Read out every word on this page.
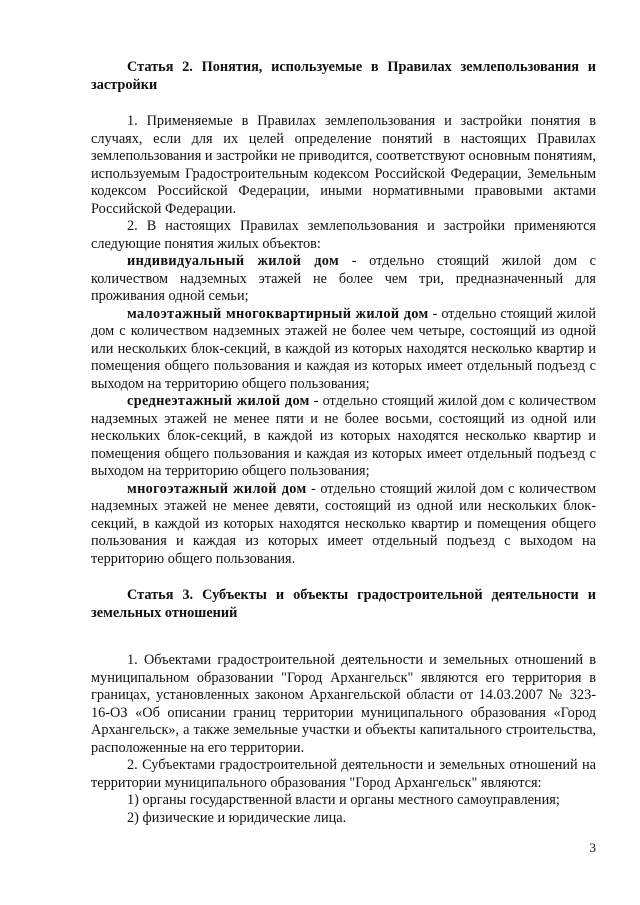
Статья 2. Понятия, используемые в Правилах землепользования и застройки

1. Применяемые в Правилах землепользования и застройки понятия в случаях, если для их целей определение понятий в настоящих Правилах землепользования и застройки не приводится, соответствуют основным понятиям, используемым Градостроительным кодексом Российской Федерации, Земельным кодексом Российской Федерации, иными нормативными правовыми актами Российской Федерации.

2. В настоящих Правилах землепользования и застройки применяются следующие понятия жилых объектов:

индивидуальный жилой дом - отдельно стоящий жилой дом с количеством надземных этажей не более чем три, предназначенный для проживания одной семьи;

малоэтажный многоквартирный жилой дом - отдельно стоящий жилой дом с количеством надземных этажей не более чем четыре, состоящий из одной или нескольких блок-секций, в каждой из которых находятся несколько квартир и помещения общего пользования и каждая из которых имеет отдельный подъезд с выходом на территорию общего пользования;

среднеэтажный жилой дом - отдельно стоящий жилой дом с количеством надземных этажей не менее пяти и не более восьми, состоящий из одной или нескольких блок-секций, в каждой из которых находятся несколько квартир и помещения общего пользования и каждая из которых имеет отдельный подъезд с выходом на территорию общего пользования;

многоэтажный жилой дом - отдельно стоящий жилой дом с количеством надземных этажей не менее девяти, состоящий из одной или нескольких блок-секций, в каждой из которых находятся несколько квартир и помещения общего пользования и каждая из которых имеет отдельный подъезд с выходом на территорию общего пользования.

Статья 3. Субъекты и объекты градостроительной деятельности и земельных отношений

1. Объектами градостроительной деятельности и земельных отношений в муниципальном образовании "Город Архангельск" являются его территория в границах, установленных законом Архангельской области от 14.03.2007 № 323-16-ОЗ «Об описании границ территории муниципального образования «Город Архангельск», а также земельные участки и объекты капитального строительства, расположенные на его территории.

2. Субъектами градостроительной деятельности и земельных отношений на территории муниципального образования "Город Архангельск" являются:

1) органы государственной власти и органы местного самоуправления;

2) физические и юридические лица.

3
